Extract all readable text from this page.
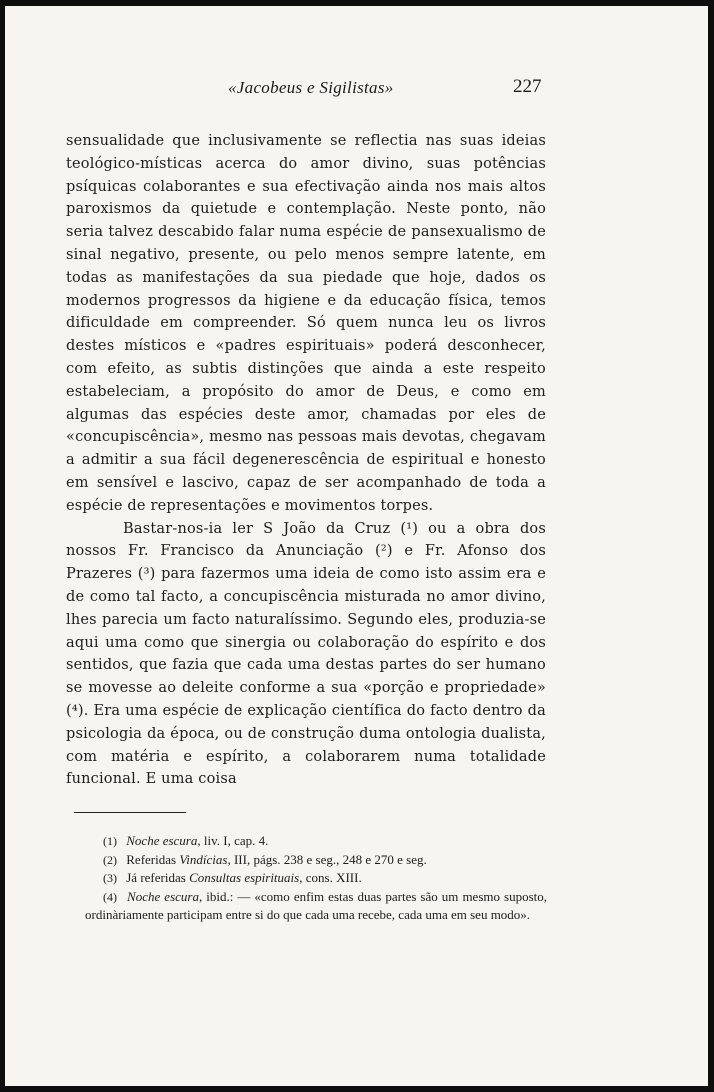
«Jacobeus e Sigilistas»	227

sensualidade que inclusivamente se reflectia nas suas ideias teológico-místicas acerca do amor divino, suas potências psíquicas colaborantes e sua efectivação ainda nos mais altos paroxismos da quietude e contemplação. Neste ponto, não seria talvez descabido falar numa espécie de pansexualismo de sinal negativo, presente, ou pelo menos sempre latente, em todas as manifestações da sua piedade que hoje, dados os modernos progressos da higiene e da educação física, temos dificuldade em compreender. Só quem nunca leu os livros destes místicos e «padres espirituais» poderá desconhecer, com efeito, as subtis distinções que ainda a este respeito estabeleciam, a propósito do amor de Deus, e como em algumas das espécies deste amor, chamadas por eles de «concupiscência», mesmo nas pessoas mais devotas, chegavam a admitir a sua fácil degenerescência de espiritual e honesto em sensível e lascivo, capaz de ser acompanhado de toda a espécie de representações e movimentos torpes.

Bastar-nos-ia ler S João da Cruz (¹) ou a obra dos nossos Fr. Francisco da Anunciação (²) e Fr. Afonso dos Prazeres (³) para fazermos uma ideia de como isto assim era e de como tal facto, a concupiscência misturada no amor divino, lhes parecia um facto naturalíssimo. Segundo eles, produzia-se aqui uma como que sinergia ou colaboração do espírito e dos sentidos, que fazia que cada uma destas partes do ser humano se movesse ao deleite conforme a sua «porção e propriedade» (⁴). Era uma espécie de explicação científica do facto dentro da psicologia da época, ou de construção duma ontologia dualista, com matéria e espírito, a colaborarem numa totalidade funcional. E uma coisa

(1) Noche escura, liv. I, cap. 4.

(2) Referidas Vindícias, III, págs. 238 e seg., 248 e 270 e seg.

(3) Já referidas Consultas espirituais, cons. XIII.

(4) Noche escura, ibid.: — «como enfim estas duas partes são um mesmo suposto, ordinàriamente participam entre si do que cada uma recebe, cada uma em seu modo».
